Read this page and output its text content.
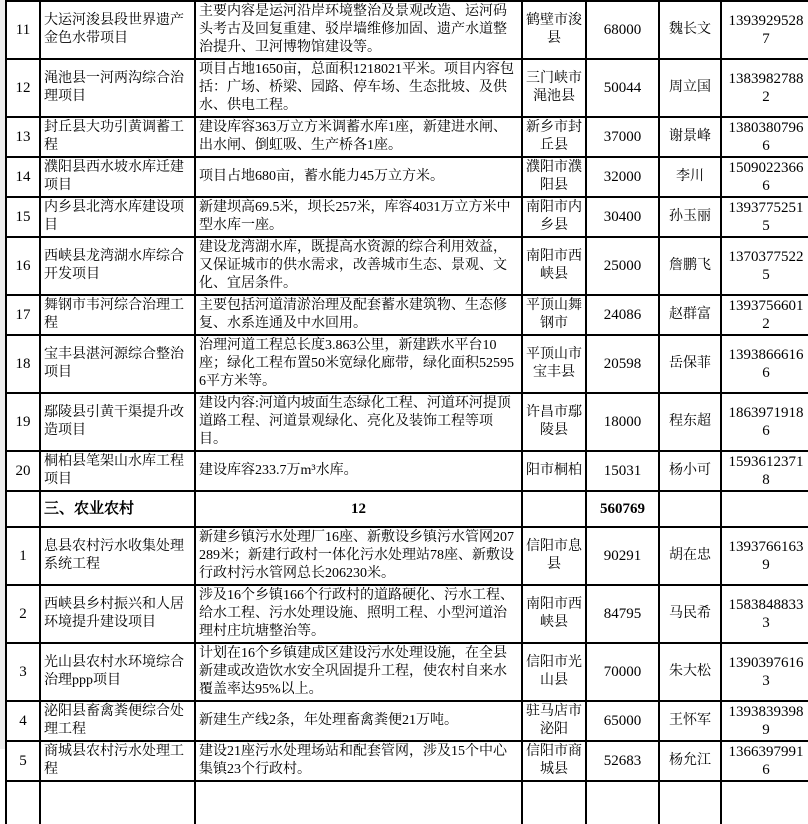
11	大运河浚县段世界遗产金色水带项目	主要内容是运河沿岸环境整治及景观改造、运河码头考古及回复重建、驳岸墙维修加固、遗产水道整治提升、卫河博物馆建设等。	鹤壁市浚县	68000	魏长文	13939295287	
12	渑池县一河两沟综合治理项目	项目占地1650亩，总面积1218021平米。项目内容包括：广场、桥梁、园路、停车场、生态批坡、及供水、供电工程。	三门峡市渑池县	50044	周立国	13839827882	
13	封丘县大功引黄调蓄工程	建设库容363万立方米调蓄水库1座，新建进水闸、出水闸、倒虹吸、生产桥各1座。	新乡市封丘县	37000	谢景峰	13803807966	
14	濮阳县西水坡水库迁建项目	项目占地680亩，蓄水能力45万立方米。	濮阳市濮阳县	32000	李川	15090223666	
15	内乡县北湾水库建设项目	新建坝高69.5米，坝长257米，库容4031万立方米中型水库一座。	南阳市内乡县	30400	孙玉丽	13937752515	
16	西峡县龙湾湖水库综合开发项目	建设龙湾湖水库，既提高水资源的综合利用效益，又保证城市的供水需求，改善城市生态、景观、文化、宜居条件。	南阳市西峡县	25000	詹鹏飞	13703775225	
17	舞钢市韦河综合治理工程	主要包括河道清淤治理及配套蓄水建筑物、生态修复、水系连通及中水回用。	平顶山舞钢市	24086	赵群富	13937566012	
18	宝丰县湛河源综合整治项目	治理河道工程总长度3.863公里，新建跌水平台10座；绿化工程布置50米宽绿化廊带，绿化面积525956平方米等。	平顶山市宝丰县	20598	岳保菲	13938666166	
19	鄢陵县引黄干渠提升改造项目	建设内容:河道内坡面生态绿化工程、河道环河提顶道路工程、河道景观绿化、亮化及装饰工程等项目。	许昌市鄢陵县	18000	程东超	18639719186	
20	桐柏县笔架山水库工程项目	建设库容233.7万m³水库。	阳市桐柏	15031	杨小可	15936123718	
	三、农业农村	12		560769			
1	息县农村污水收集处理系统工程	新建乡镇污水处理厂16座、新敷设乡镇污水管网207289米；新建行政村一体化污水处理站78座、新敷设行政村污水管网总长206230米。	信阳市息县	90291	胡在忠	13937661639	
2	西峡县乡村振兴和人居环境提升建设项目	涉及16个乡镇166个行政村的道路硬化、污水工程、给水工程、污水处理设施、照明工程、小型河道治理村庄坑塘整治等。	南阳市西峡县	84795	马民希	15838488333	
3	光山县农村水环境综合治理ppp项目	计划在16个乡镇建成区建设污水处理设施，在全县新建或改造饮水安全巩固提升工程，使农村自来水覆盖率达95%以上。	信阳市光山县	70000	朱大松	13903976163	
4	泌阳县畜禽粪便综合处理工程	新建生产线2条，年处理畜禽粪便21万吨。	驻马店市泌阳	65000	王怀军	13938393989	
5	商城县农村污水处理工程	建设21座污水处理场站和配套管网，涉及15个中心集镇23个行政村。	信阳市商城县	52683	杨允江	13663979916	
